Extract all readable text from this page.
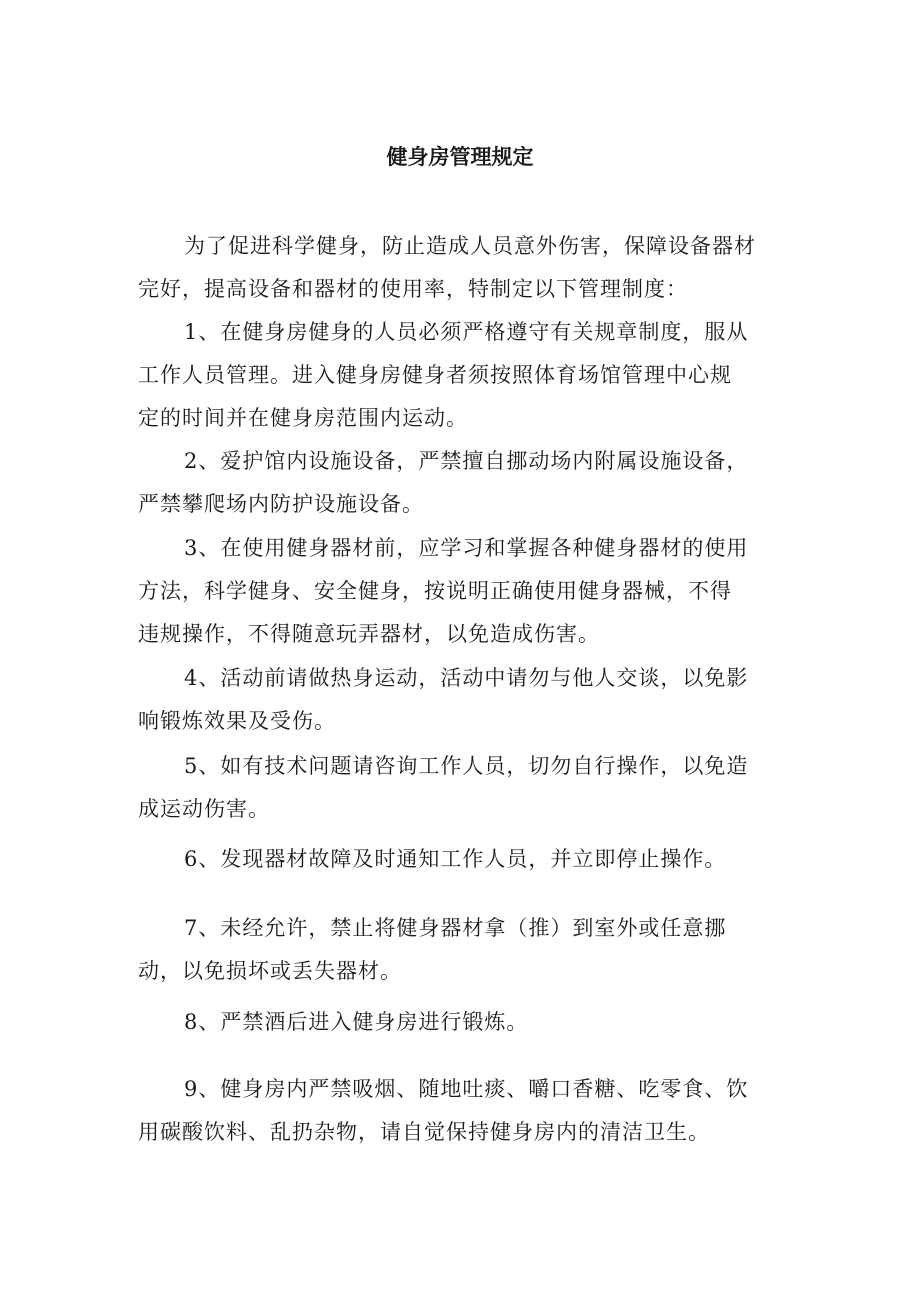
健身房管理规定
为了促进科学健身，防止造成人员意外伤害，保障设备器材
完好，提高设备和器材的使用率，特制定以下管理制度：
1、在健身房健身的人员必须严格遵守有关规章制度，服从
工作人员管理。进入健身房健身者须按照体育场馆管理中心规
定的时间并在健身房范围内运动。
2、爱护馆内设施设备，严禁擅自挪动场内附属设施设备，
严禁攀爬场内防护设施设备。
3、在使用健身器材前，应学习和掌握各种健身器材的使用
方法，科学健身、安全健身，按说明正确使用健身器械，不得
违规操作，不得随意玩弄器材，以免造成伤害。
4、活动前请做热身运动，活动中请勿与他人交谈，以免影
响锻炼效果及受伤。
5、如有技术问题请咨询工作人员，切勿自行操作，以免造
成运动伤害。
6、发现器材故障及时通知工作人员，并立即停止操作。
7、未经允许，禁止将健身器材拿（推）到室外或任意挪
动，以免损坏或丢失器材。
8、严禁酒后进入健身房进行锻炼。
9、健身房内严禁吸烟、随地吐痰、嚼口香糖、吃零食、饮
用碳酸饮料、乱扔杂物，请自觉保持健身房内的清洁卫生。
